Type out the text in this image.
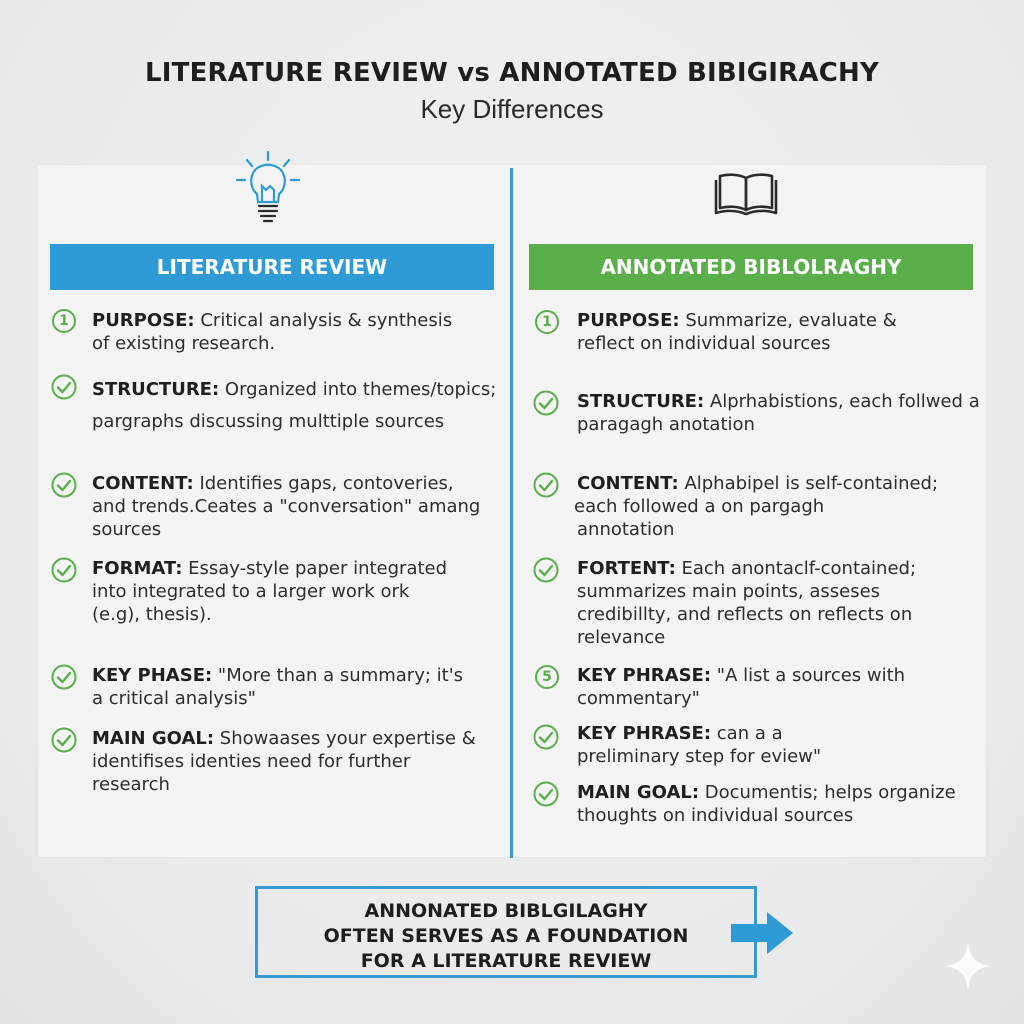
LITERATURE REVIEW vs ANNOTATED BIBIGIRACHY
Key Differences
LITERATURE REVIEW	ANNOTATED BIBLOLRAGHY
1	PURPOSE: Critical analysis & synthesis
of existing research.
STRUCTURE: Organized into themes/topics;
pargraphs discussing multtiple sources
CONTENT: Identifies gaps, contoveries,
and trends.Ceates a "conversation" amang
sources
FORMAT: Essay-style paper integrated
into integrated to a larger work ork
(e.g), thesis).
KEY PHASE: "More than a summary; it's
a critical analysis"
MAIN GOAL: Showaases your expertise &
identifises identies need for further
research
1	PURPOSE: Summarize, evaluate &
reflect on individual sources
STRUCTURE: Alprhabistions, each follwed a
paragagh anotation
CONTENT: Alphabipel is self-contained;
each followed a on pargagh
annotation
FORTENT: Each anontaclf-contained;
summarizes main points, asseses
credibillty, and reflects on reflects on
relevance
5	KEY PHRASE: "A list a sources with
commentary"
KEY PHRASE: can a a
preliminary step for eview"
MAIN GOAL: Documentis; helps organize
thoughts on individual sources
ANNONATED BIBLGILAGHY
OFTEN SERVES AS A FOUNDATION
FOR A LITERATURE REVIEW
